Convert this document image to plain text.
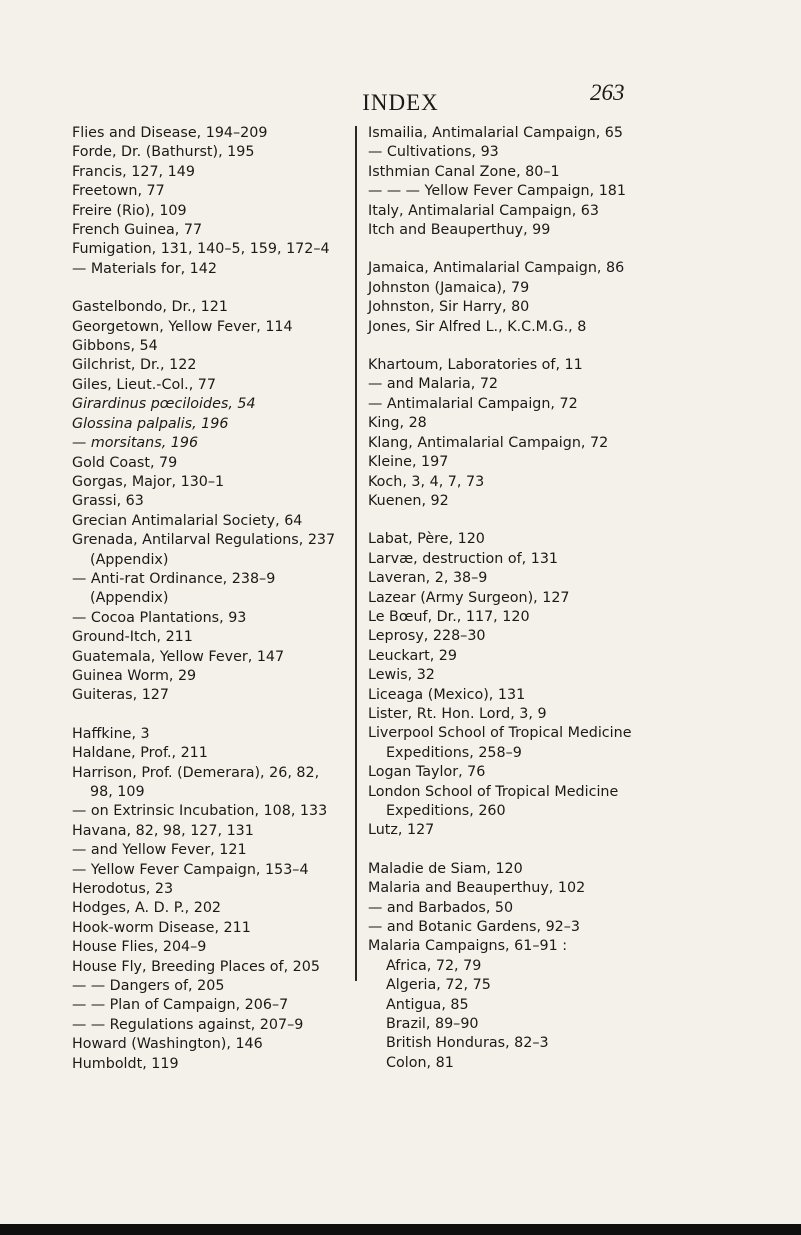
INDEX	263
Flies and Disease, 194–209
Forde, Dr. (Bathurst), 195
Francis, 127, 149
Freetown, 77
Freire (Rio), 109
French Guinea, 77
Fumigation, 131, 140–5, 159, 172–4
— Materials for, 142
Gastelbondo, Dr., 121
Georgetown, Yellow Fever, 114
Gibbons, 54
Gilchrist, Dr., 122
Giles, Lieut.-Col., 77
Girardinus pœciloides, 54
Glossina palpalis, 196
— morsitans, 196
Gold Coast, 79
Gorgas, Major, 130–1
Grassi, 63
Grecian Antimalarial Society, 64
Grenada, Antilarval Regulations, 237 (Appendix)
— Anti-rat Ordinance, 238–9 (Appendix)
— Cocoa Plantations, 93
Ground-Itch, 211
Guatemala, Yellow Fever, 147
Guinea Worm, 29
Guiteras, 127
Haffkine, 3
Haldane, Prof., 211
Harrison, Prof. (Demerara), 26, 82, 98, 109
— on Extrinsic Incubation, 108, 133
Havana, 82, 98, 127, 131
— and Yellow Fever, 121
— Yellow Fever Campaign, 153–4
Herodotus, 23
Hodges, A. D. P., 202
Hook-worm Disease, 211
House Flies, 204–9
House Fly, Breeding Places of, 205
— — Dangers of, 205
— — Plan of Campaign, 206–7
— — Regulations against, 207–9
Howard (Washington), 146
Humboldt, 119
Ismailia, Antimalarial Campaign, 65
— Cultivations, 93
Isthmian Canal Zone, 80–1
— — — Yellow Fever Campaign, 181
Italy, Antimalarial Campaign, 63
Itch and Beauperthuy, 99
Jamaica, Antimalarial Campaign, 86
Johnston (Jamaica), 79
Johnston, Sir Harry, 80
Jones, Sir Alfred L., K.C.M.G., 8
Khartoum, Laboratories of, 11
— and Malaria, 72
— Antimalarial Campaign, 72
King, 28
Klang, Antimalarial Campaign, 72
Kleine, 197
Koch, 3, 4, 7, 73
Kuenen, 92
Labat, Père, 120
Larvæ, destruction of, 131
Laveran, 2, 38–9
Lazear (Army Surgeon), 127
Le Bœuf, Dr., 117, 120
Leprosy, 228–30
Leuckart, 29
Lewis, 32
Liceaga (Mexico), 131
Lister, Rt. Hon. Lord, 3, 9
Liverpool School of Tropical Medicine Expeditions, 258–9
Logan Taylor, 76
London School of Tropical Medicine Expeditions, 260
Lutz, 127
Maladie de Siam, 120
Malaria and Beauperthuy, 102
— and Barbados, 50
— and Botanic Gardens, 92–3
Malaria Campaigns, 61–91 :
Africa, 72, 79
Algeria, 72, 75
Antigua, 85
Brazil, 89–90
British Honduras, 82–3
Colon, 81
